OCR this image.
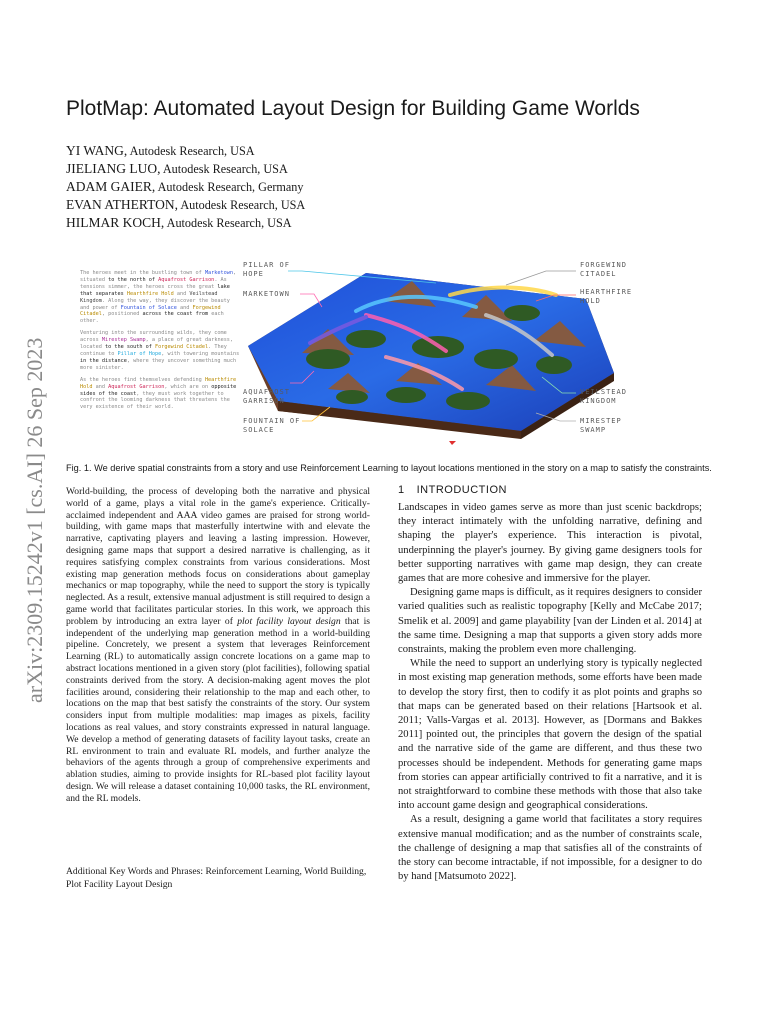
arXiv:2309.15242v1 [cs.AI] 26 Sep 2023
PlotMap: Automated Layout Design for Building Game Worlds
YI WANG, Autodesk Research, USA
JIELIANG LUO, Autodesk Research, USA
ADAM GAIER, Autodesk Research, Germany
EVAN ATHERTON, Autodesk Research, USA
HILMAR KOCH, Autodesk Research, USA

The heroes meet in the bustling town of Marketown, situated to the north of Aquafrost Garrison. As tensions simmer, the heroes cross the great lake that separates Hearthfire Hold and Veilstead Kingdom. Along the way, they discover the beauty and power of Fountain of Solace and Forgewind Citadel, positioned across the coast from each other.

Venturing into the surrounding wilds, they come across Mirestep Swamp, a place of great darkness, located to the south of Forgewind Citadel. They continue to Pillar of Hope, with towering mountains in the distance, where they uncover something much more sinister.

As the heroes find themselves defending Hearthfire Hold and Aquafrost Garrison, which are on opposite sides of the coast, they must work together to confront the looming darkness that threatens the very existence of their world.

PILLAR OF
HOPE
MARKETOWN
AQUAFROST
GARRISON
FOUNTAIN OF
SOLACE
FORGEWIND
CITADEL
HEARTHFIRE
HOLD
VEILSTEAD
KINGDOM
MIRESTEP
SWAMP
Fig. 1. We derive spatial constraints from a story and use Reinforcement Learning to layout locations mentioned in the story on a map to satisfy the constraints.
World-building, the process of developing both the narrative and physical world of a game, plays a vital role in the game's experience. Critically-acclaimed independent and AAA video games are praised for strong world-building, with game maps that masterfully intertwine with and elevate the narrative, captivating players and leaving a lasting impression. However, designing game maps that support a desired narrative is challenging, as it requires satisfying complex constraints from various considerations. Most existing map generation methods focus on considerations about gameplay mechanics or map topography, while the need to support the story is typically neglected. As a result, extensive manual adjustment is still required to design a game world that facilitates particular stories. In this work, we approach this problem by introducing an extra layer of plot facility layout design that is independent of the underlying map generation method in a world-building pipeline. Concretely, we present a system that leverages Reinforcement Learning (RL) to automatically assign concrete locations on a game map to abstract locations mentioned in a given story (plot facilities), following spatial constraints derived from the story. A decision-making agent moves the plot facilities around, considering their relationship to the map and each other, to locations on the map that best satisfy the constraints of the story. Our system considers input from multiple modalities: map images as pixels, facility locations as real values, and story constraints expressed in natural language. We develop a method of generating datasets of facility layout tasks, create an RL environment to train and evaluate RL models, and further analyze the behaviors of the agents through a group of comprehensive experiments and ablation studies, aiming to provide insights for RL-based plot facility layout design. We will release a dataset containing 10,000 tasks, the RL environment, and the RL models.
Additional Key Words and Phrases: Reinforcement Learning, World Building, Plot Facility Layout Design
1 INTRODUCTION

Landscapes in video games serve as more than just scenic backdrops; they interact intimately with the unfolding narrative, defining and shaping the player's experience. This interaction is pivotal, underpinning the player's journey. By giving game designers tools for better supporting narratives with game map design, they can create games that are more cohesive and immersive for the player.

Designing game maps is difficult, as it requires designers to consider varied qualities such as realistic topography [Kelly and McCabe 2017; Smelik et al. 2009] and game playability [van der Linden et al. 2014] at the same time. Designing a map that supports a given story adds more constraints, making the problem even more challenging.

While the need to support an underlying story is typically neglected in most existing map generation methods, some efforts have been made to develop the story first, then to codify it as plot points and graphs so that maps can be generated based on their relations [Hartsook et al. 2011; Valls-Vargas et al. 2013]. However, as [Dormans and Bakkes 2011] pointed out, the principles that govern the design of the spatial and the narrative side of the game are different, and thus these two processes should be independent. Methods for generating game maps from stories can appear artificially contrived to fit a narrative, and it is not straightforward to combine these methods with those that also take into account game design and geographical considerations.

As a result, designing a game world that facilitates a story requires extensive manual modification; and as the number of constraints scale, the challenge of designing a map that satisfies all of the constraints of the story can become intractable, if not impossible, for a designer to do by hand [Matsumoto 2022].
